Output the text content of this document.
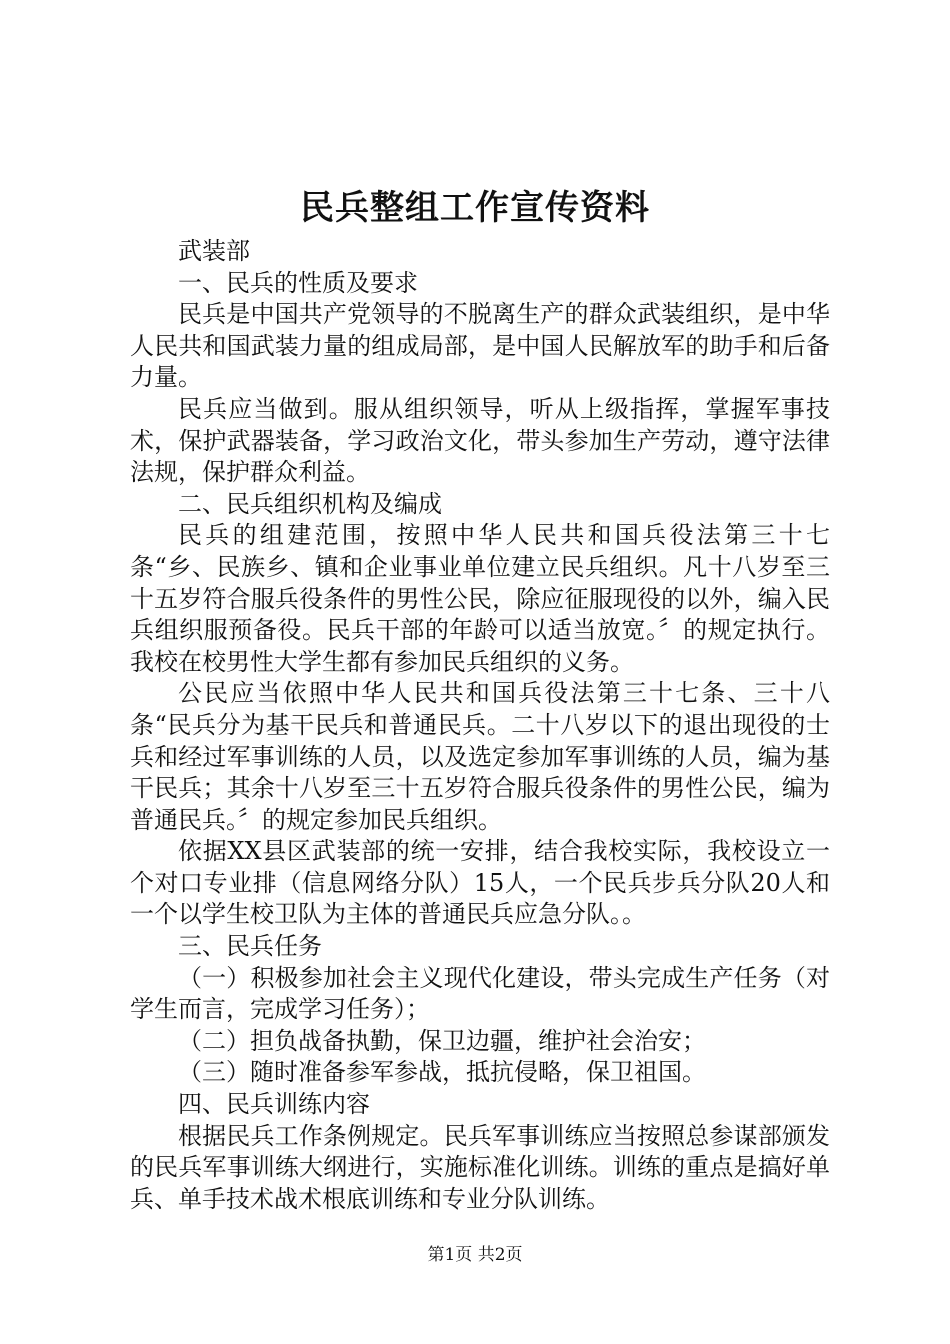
民兵整组工作宣传资料

武装部

一、民兵的性质及要求

民兵是中国共产党领导的不脱离生产的群众武装组织，是中华人民共和国武装力量的组成局部，是中国人民解放军的助手和后备力量。

民兵应当做到。服从组织领导，听从上级指挥，掌握军事技术，保护武器装备，学习政治文化，带头参加生产劳动，遵守法律法规，保护群众利益。

二、民兵组织机构及编成

民兵的组建范围，按照中华人民共和国兵役法第三十七条“乡、民族乡、镇和企业事业单位建立民兵组织。凡十八岁至三十五岁符合服兵役条件的男性公民，除应征服现役的以外，编入民兵组织服预备役。民兵干部的年龄可以适当放宽。〞的规定执行。我校在校男性大学生都有参加民兵组织的义务。

公民应当依照中华人民共和国兵役法第三十七条、三十八条“民兵分为基干民兵和普通民兵。二十八岁以下的退出现役的士兵和经过军事训练的人员，以及选定参加军事训练的人员，编为基干民兵；其余十八岁至三十五岁符合服兵役条件的男性公民，编为普通民兵。〞的规定参加民兵组织。

依据XX县区武装部的统一安排，结合我校实际，我校设立一个对口专业排（信息网络分队）15人，一个民兵步兵分队20人和一个以学生校卫队为主体的普通民兵应急分队。。

三、民兵任务

（一）积极参加社会主义现代化建设，带头完成生产任务（对学生而言，完成学习任务）；

（二）担负战备执勤，保卫边疆，维护社会治安；

（三）随时准备参军参战，抵抗侵略，保卫祖国。

四、民兵训练内容

根据民兵工作条例规定。民兵军事训练应当按照总参谋部颁发的民兵军事训练大纲进行，实施标准化训练。训练的重点是搞好单兵、单手技术战术根底训练和专业分队训练。

第1页 共2页
